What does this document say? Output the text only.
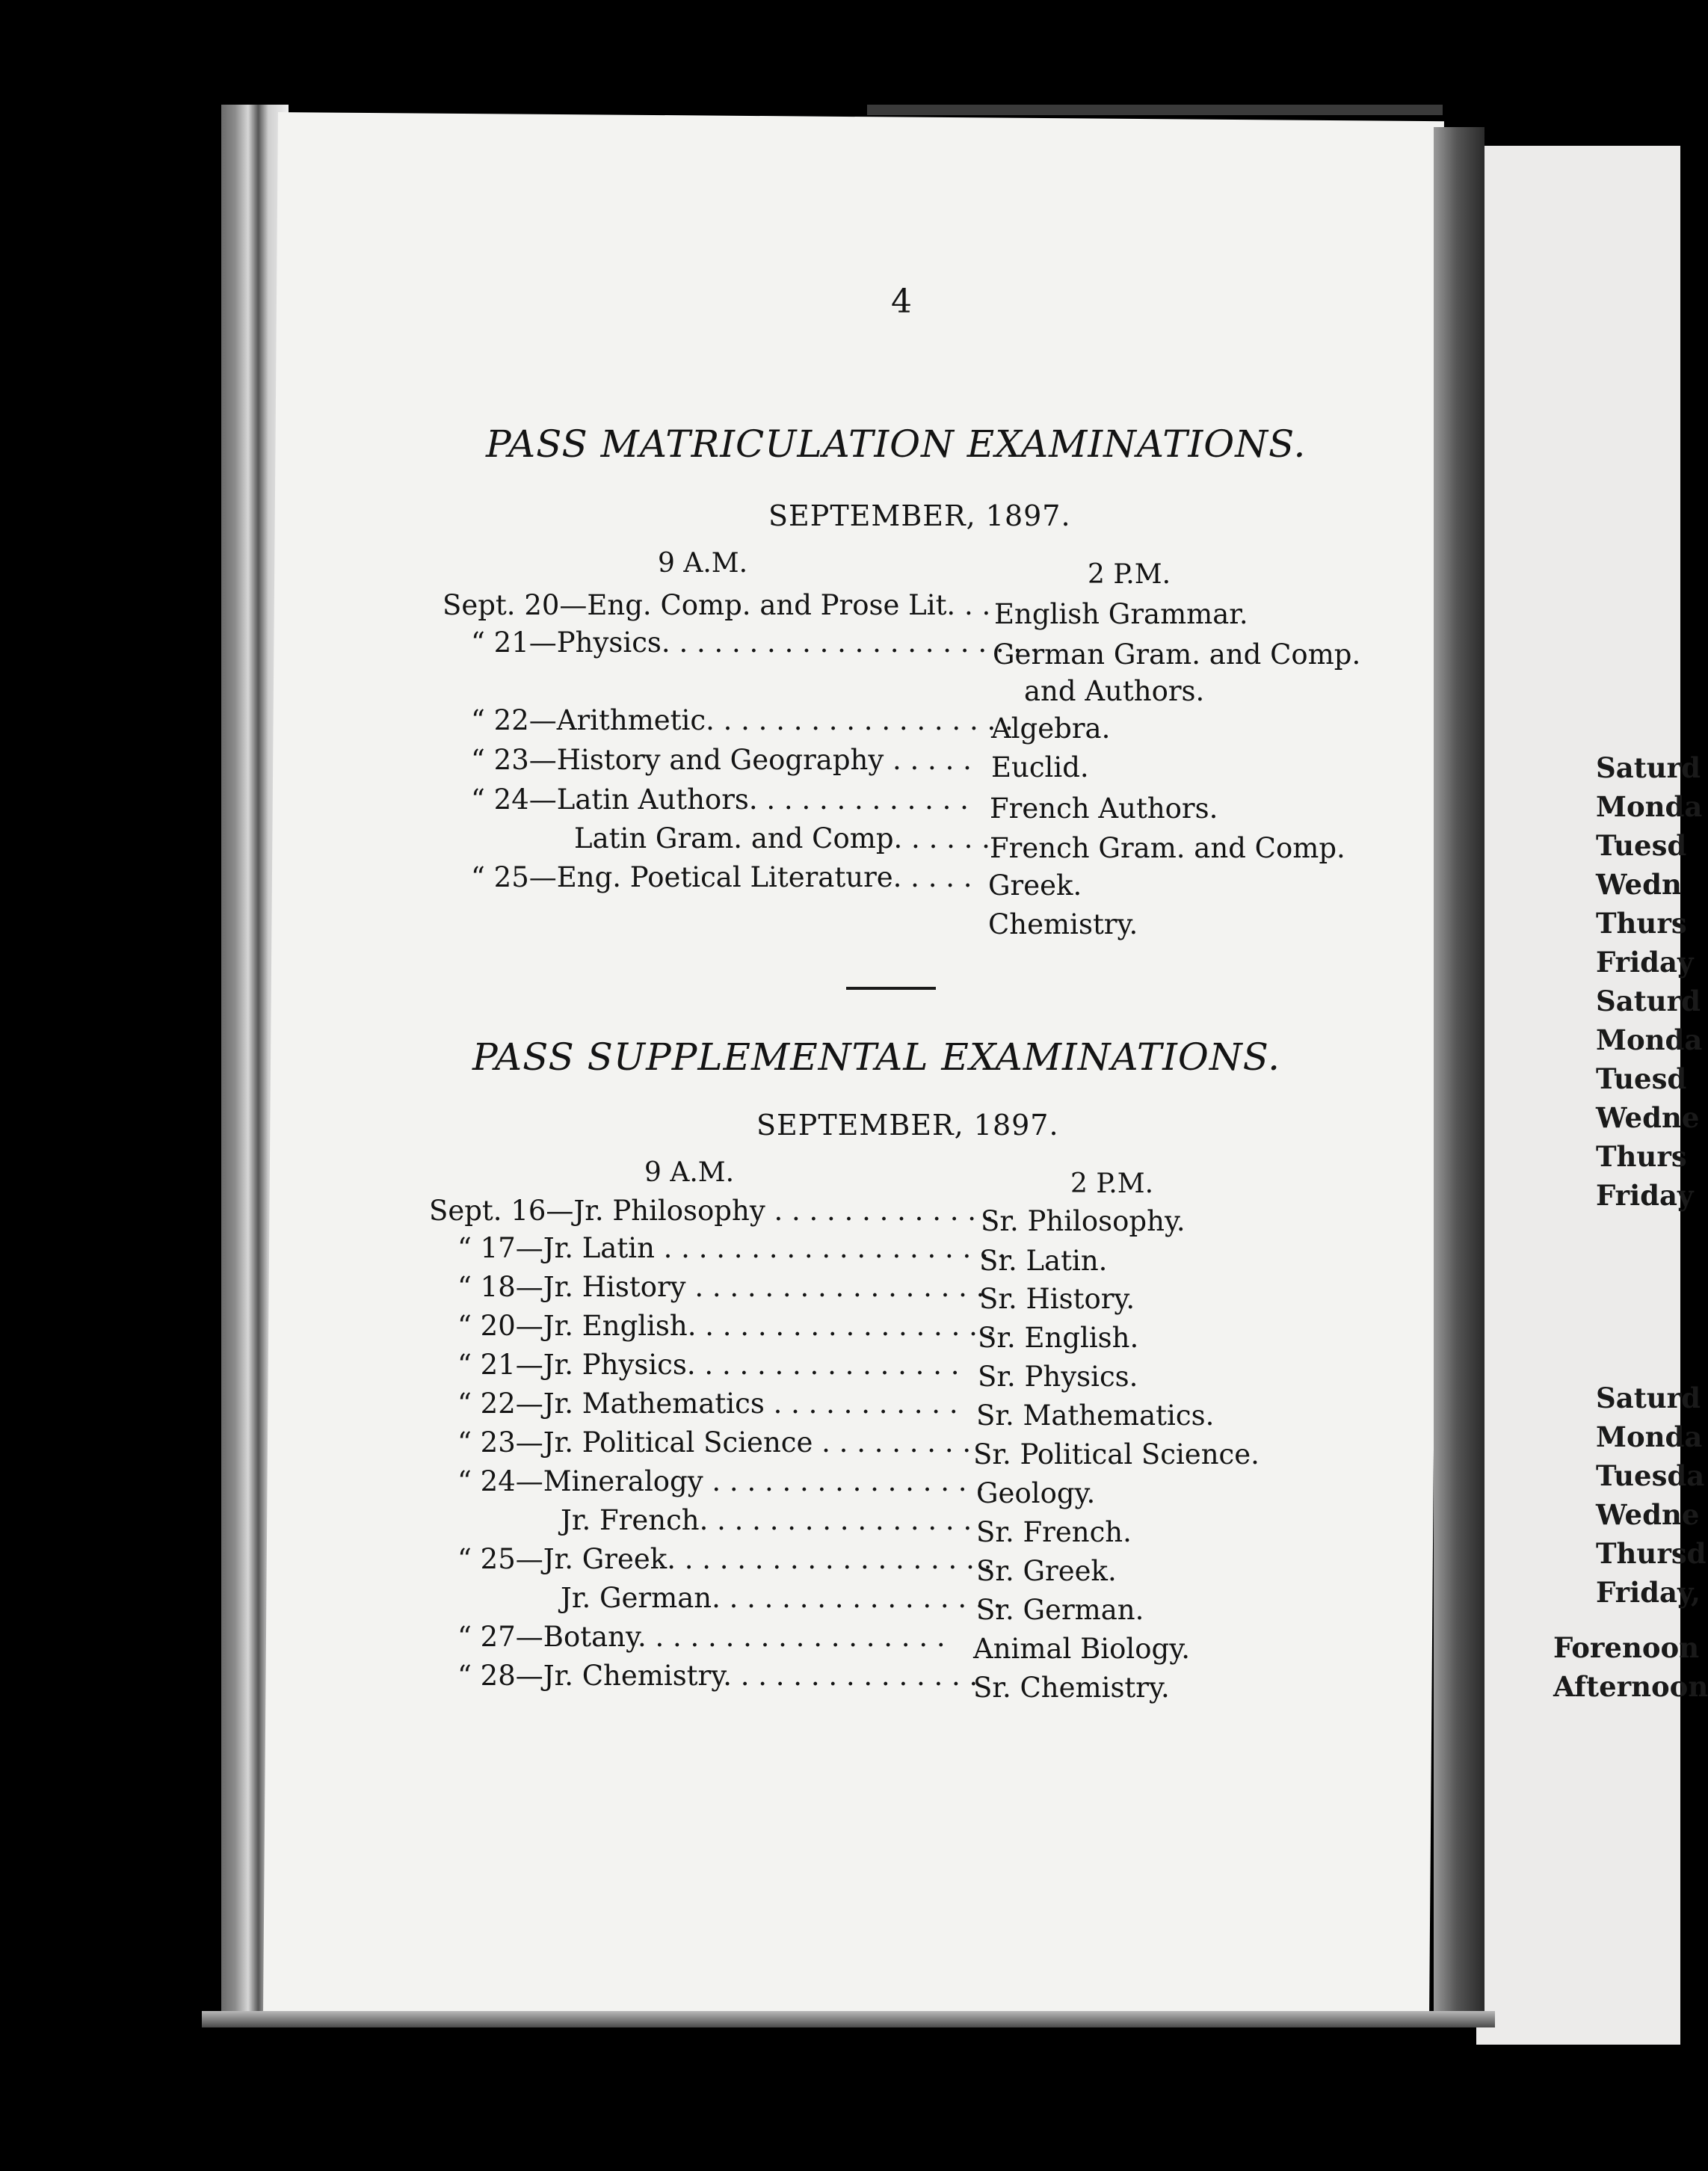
4
PASS MATRICULATION EXAMINATIONS.
SEPTEMBER, 1897.
9 A.M.	2 P.M.
Sept. 20—Eng. Comp. and Prose Lit. . . English Grammar.
“ 21—Physics. . . . . . . . . . . . . . . . . . . . . .
German Gram. and Comp.
and Authors.
“ 22—Arithmetic. . . . . . . . . . . . . . . . . .
Algebra.
“ 23—History and Geography . . . . . Euclid.
“ 24—Latin Authors. . . . . . . . . . . . . French Authors.
Latin Gram. and Comp. . . . . . French Gram. and Comp.
“ 25—Eng. Poetical Literature. . . . . Greek.
Chemistry.
PASS SUPPLEMENTAL EXAMINATIONS.
SEPTEMBER, 1897.
9 A.M.	2 P.M.
Sept. 16—Jr. Philosophy . . . . . . . . . . . . .
Sr. Philosophy.
“ 17—Jr. Latin . . . . . . . . . . . . . . . . . . . .
Sr. Latin.
“ 18—Jr. History . . . . . . . . . . . . . . . . .
Sr. History.
“ 20—Jr. English. . . . . . . . . . . . . . . . . .
Sr. English.
“ 21—Jr. Physics. . . . . . . . . . . . . . . . Sr. Physics.
“ 22—Jr. Mathematics . . . . . . . . . . . Sr. Mathematics.
“ 23—Jr. Political Science . . . . . . . . . Sr. Political Science.
“ 24—Mineralogy . . . . . . . . . . . . . . . .
Geology.
Jr. French. . . . . . . . . . . . . . . . Sr. French.
“ 25—Jr. Greek. . . . . . . . . . . . . . . . . . .
Sr. Greek.
Jr. German. . . . . . . . . . . . . . . . .
Sr. German.
“ 27—Botany. . . . . . . . . . . . . . . . . . Animal Biology.
“ 28—Jr. Chemistry. . . . . . . . . . . . . . .
Sr. Chemistry.
Saturd
Monda
Tuesd
Wedn
Thurs
Friday
Saturd
Monda
Tuesd
Wedne
Thurs
Friday
Saturd
Monda
Tuesda
Wedne
Thursd
Friday,
Forenoon
Afternoon
